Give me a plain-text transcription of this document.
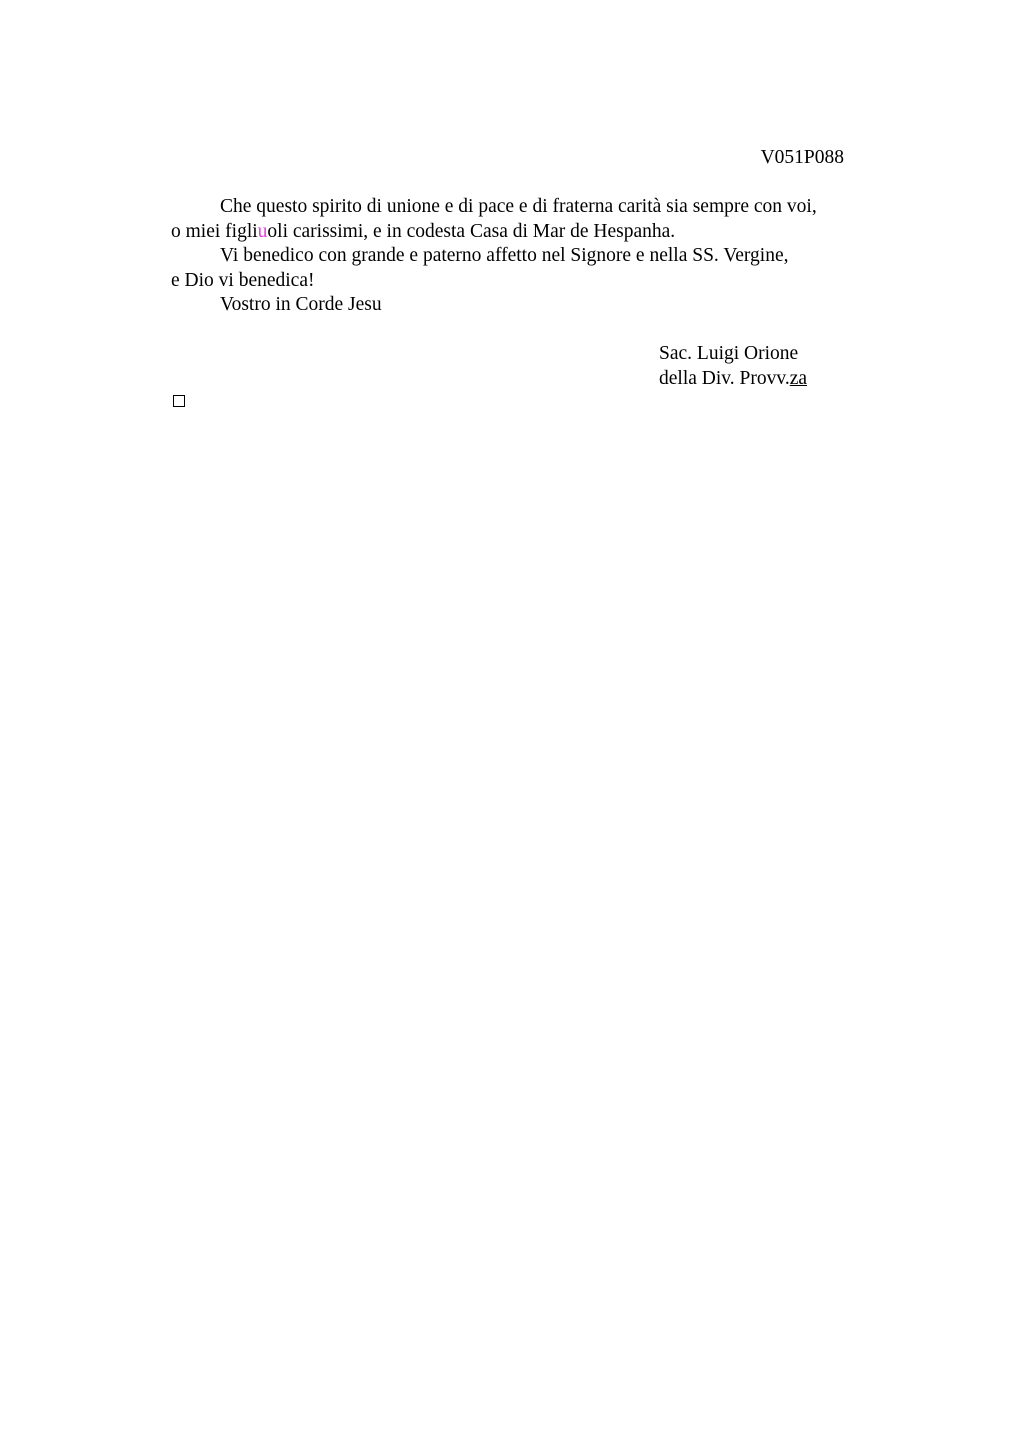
V051P088
Che questo spirito di unione e di pace e di fraterna carità sia sempre con voi,
o miei figliuoli carissimi, e in codesta Casa di Mar de Hespanha.
Vi benedico con grande e paterno affetto nel Signore e nella SS. Vergine,
e Dio vi benedica!
Vostro in Corde Jesu
Sac. Luigi Orione
della Div. Provv.za
